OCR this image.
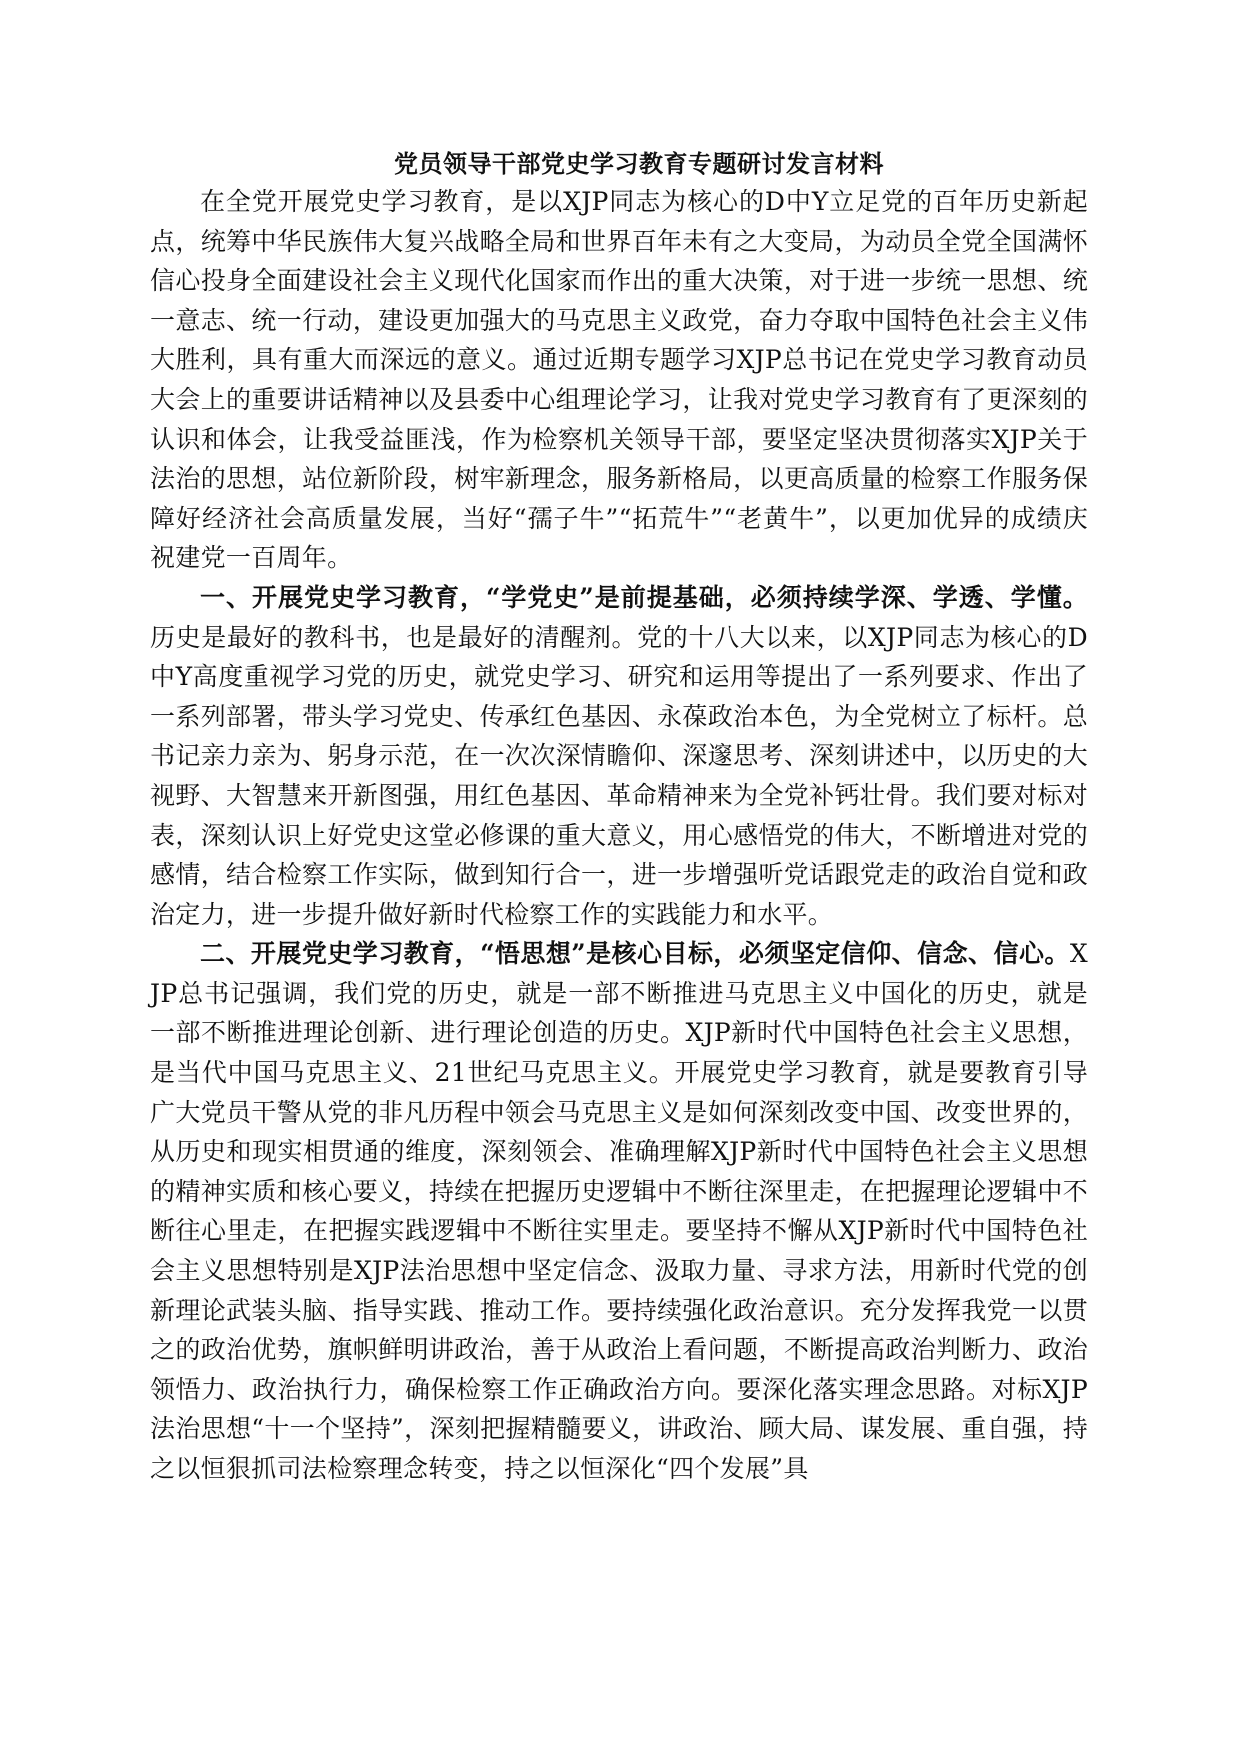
党员领导干部党史学习教育专题研讨发言材料

在全党开展党史学习教育，是以XJP同志为核心的D中Y立足党的百年历史新起点，统筹中华民族伟大复兴战略全局和世界百年未有之大变局，为动员全党全国满怀信心投身全面建设社会主义现代化国家而作出的重大决策，对于进一步统一思想、统一意志、统一行动，建设更加强大的马克思主义政党，奋力夺取中国特色社会主义伟大胜利，具有重大而深远的意义。通过近期专题学习XJP总书记在党史学习教育动员大会上的重要讲话精神以及县委中心组理论学习，让我对党史学习教育有了更深刻的认识和体会，让我受益匪浅，作为检察机关领导干部，要坚定坚决贯彻落实XJP关于法治的思想，站位新阶段，树牢新理念，服务新格局，以更高质量的检察工作服务保障好经济社会高质量发展，当好“孺子牛”“拓荒牛”“老黄牛”，以更加优异的成绩庆祝建党一百周年。

一、开展党史学习教育，“学党史”是前提基础，必须持续学深、学透、学懂。历史是最好的教科书，也是最好的清醒剂。党的十八大以来，以XJP同志为核心的D中Y高度重视学习党的历史，就党史学习、研究和运用等提出了一系列要求、作出了一系列部署，带头学习党史、传承红色基因、永葆政治本色，为全党树立了标杆。总书记亲力亲为、躬身示范，在一次次深情瞻仰、深邃思考、深刻讲述中，以历史的大视野、大智慧来开新图强，用红色基因、革命精神来为全党补钙壮骨。我们要对标对表，深刻认识上好党史这堂必修课的重大意义，用心感悟党的伟大，不断增进对党的感情，结合检察工作实际，做到知行合一，进一步增强听党话跟党走的政治自觉和政治定力，进一步提升做好新时代检察工作的实践能力和水平。

二、开展党史学习教育，“悟思想”是核心目标，必须坚定信仰、信念、信心。XJP总书记强调，我们党的历史，就是一部不断推进马克思主义中国化的历史，就是一部不断推进理论创新、进行理论创造的历史。XJP新时代中国特色社会主义思想，是当代中国马克思主义、21世纪马克思主义。开展党史学习教育，就是要教育引导广大党员干警从党的非凡历程中领会马克思主义是如何深刻改变中国、改变世界的，从历史和现实相贯通的维度，深刻领会、准确理解XJP新时代中国特色社会主义思想的精神实质和核心要义，持续在把握历史逻辑中不断往深里走，在把握理论逻辑中不断往心里走，在把握实践逻辑中不断往实里走。要坚持不懈从XJP新时代中国特色社会主义思想特别是XJP法治思想中坚定信念、汲取力量、寻求方法，用新时代党的创新理论武装头脑、指导实践、推动工作。要持续强化政治意识。充分发挥我党一以贯之的政治优势，旗帜鲜明讲政治，善于从政治上看问题，不断提高政治判断力、政治领悟力、政治执行力，确保检察工作正确政治方向。要深化落实理念思路。对标XJP法治思想“十一个坚持”，深刻把握精髓要义，讲政治、顾大局、谋发展、重自强，持之以恒狠抓司法检察理念转变，持之以恒深化“四个发展”具
